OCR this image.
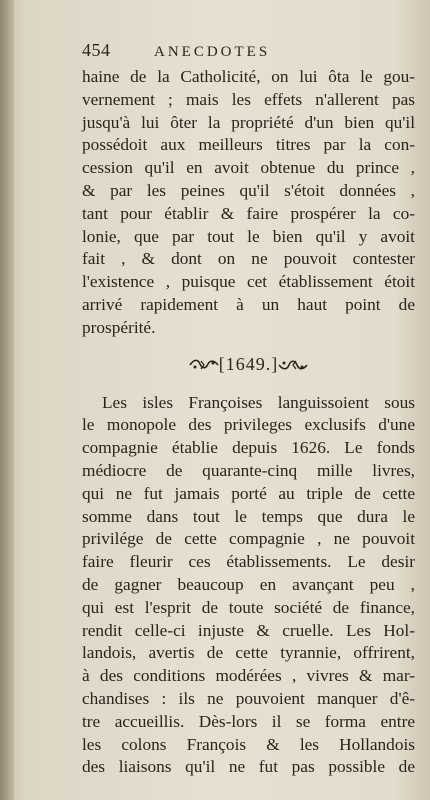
454	ANECDOTES
haine de la Catholicité, on lui ôta le gou-
vernement ; mais les effets n'allerent pas
jusqu'à lui ôter la propriété d'un bien qu'il
possédoit aux meilleurs titres par la con-
cession qu'il en avoit obtenue du prince ,
& par les peines qu'il s'étoit données ,
tant pour établir & faire prospérer la co-
lonie, que par tout le bien qu'il y avoit
fait , & dont on ne pouvoit contester
l'existence , puisque cet établissement étoit
arrivé rapidement à un haut point de
prospérité.
[1649.]
Les isles Françoises languissoient sous
le monopole des privileges exclusifs d'une
compagnie établie depuis 1626. Le fonds
médiocre de quarante-cinq mille livres,
qui ne fut jamais porté au triple de cette
somme dans tout le temps que dura le
privilége de cette compagnie , ne pouvoit
faire fleurir ces établissements. Le desir
de gagner beaucoup en avançant peu ,
qui est l'esprit de toute société de finance,
rendit celle-ci injuste & cruelle. Les Hol-
landois, avertis de cette tyrannie, offrirent,
à des conditions modérées , vivres & mar-
chandises : ils ne pouvoient manquer d'ê-
tre accueillis. Dès-lors il se forma entre
les colons François & les Hollandois
des liaisons qu'il ne fut pas possible de
